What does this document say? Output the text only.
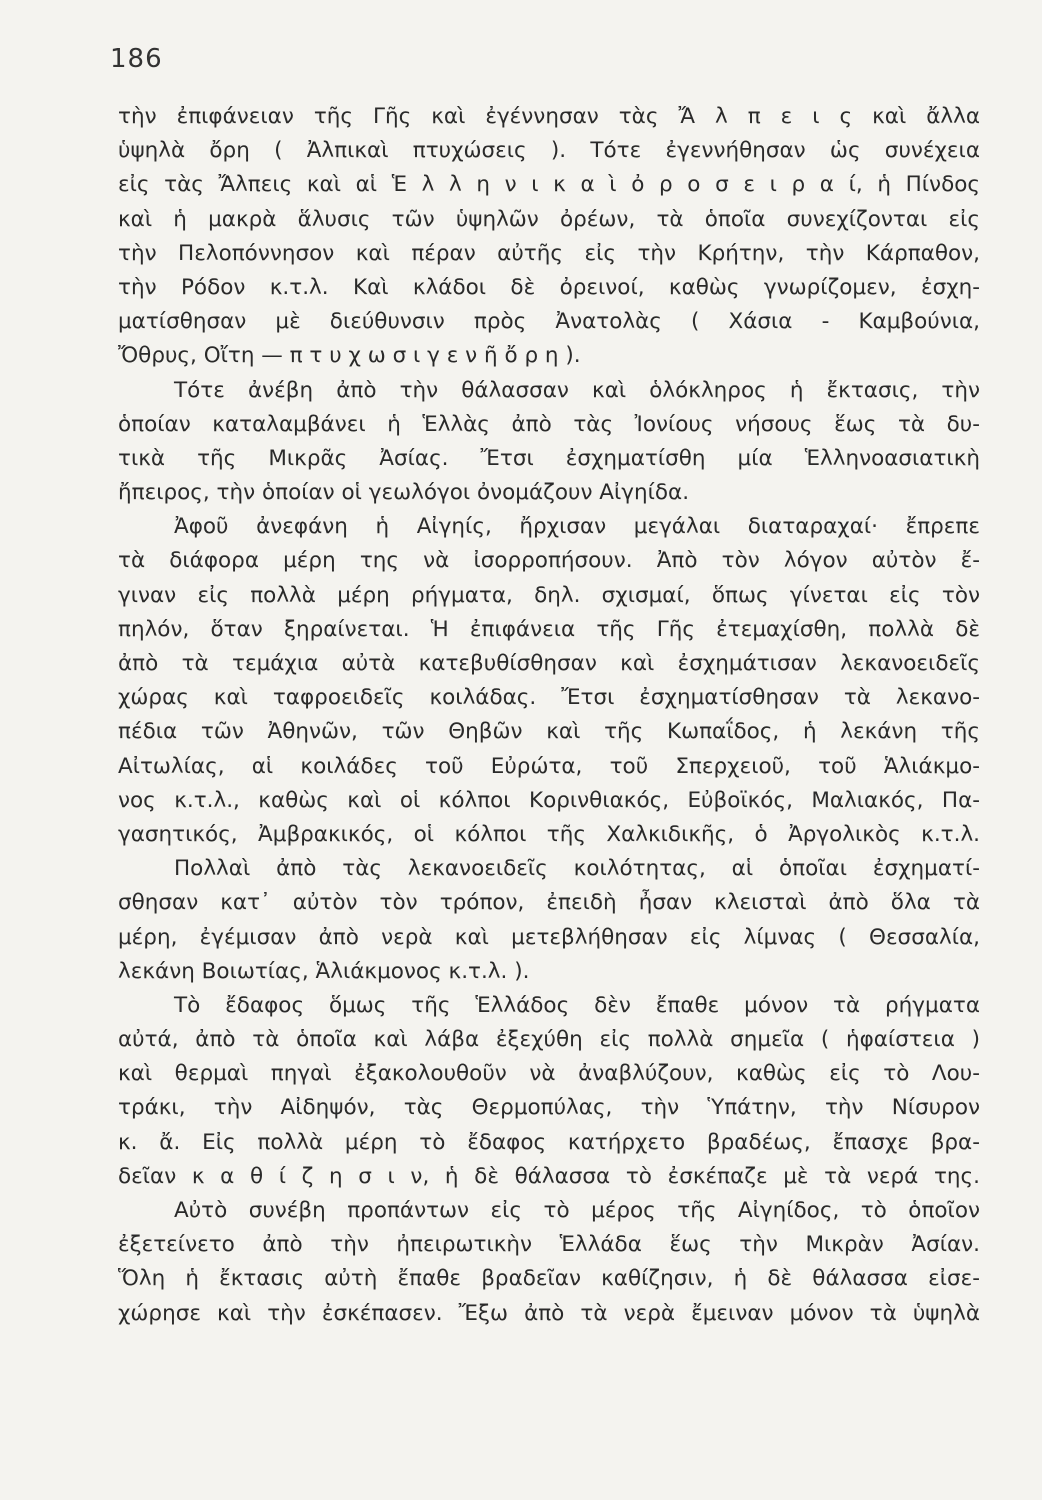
186
τὴν ἐπιφάνειαν τῆς Γῆς καὶ ἐγέννησαν τὰς Ἄ λ π ε ι ς καὶ ἄλλα
ὑψηλὰ ὄρη ( Ἀλπικαὶ πτυχώσεις ). Τότε ἐγεννήθησαν ὡς συνέχεια
εἰς τὰς Ἄλπεις καὶ αἱ Ἑ λ λ η ν ι κ α ὶ ὀ ρ ο σ ε ι ρ α ί, ἡ Πίνδος
καὶ ἡ μακρὰ ἅλυσις τῶν ὑψηλῶν ὀρέων, τὰ ὁποῖα συνεχίζονται εἰς
τὴν Πελοπόννησον καὶ πέραν αὐτῆς εἰς τὴν Κρήτην, τὴν Κάρπαθον,
τὴν Ρόδον κ.τ.λ. Καὶ κλάδοι δὲ ὀρεινοί, καθὼς γνωρίζομεν, ἐσχη-
ματίσθησαν μὲ διεύθυνσιν πρὸς Ἀνατολὰς ( Χάσια - Καμβούνια,
Ὄθρυς, Οἴτη — π τ υ χ ω σ ι γ ε ν ῆ ὄ ρ η ).
Τότε ἀνέβη ἀπὸ τὴν θάλασσαν καὶ ὁλόκληρος ἡ ἔκτασις, τὴν
ὁποίαν καταλαμβάνει ἡ Ἑλλὰς ἀπὸ τὰς Ἰονίους νήσους ἕως τὰ δυ-
τικὰ τῆς Μικρᾶς Ἀσίας. Ἔτσι ἐσχηματίσθη μία Ἑλληνοασιατικὴ
ἤπειρος, τὴν ὁποίαν οἱ γεωλόγοι ὀνομάζουν Αἰγηίδα.
Ἀφοῦ ἀνεφάνη ἡ Αἰγηίς, ἤρχισαν μεγάλαι διαταραχαί· ἔπρεπε
τὰ διάφορα μέρη της νὰ ἰσορροπήσουν. Ἀπὸ τὸν λόγον αὐτὸν ἔ-
γιναν εἰς πολλὰ μέρη ρήγματα, δηλ. σχισμαί, ὅπως γίνεται εἰς τὸν
πηλόν, ὅταν ξηραίνεται. Ἡ ἐπιφάνεια τῆς Γῆς ἐτεμαχίσθη, πολλὰ δὲ
ἀπὸ τὰ τεμάχια αὐτὰ κατεβυθίσθησαν καὶ ἐσχημάτισαν λεκανοειδεῖς
χώρας καὶ ταφροειδεῖς κοιλάδας. Ἔτσι ἐσχηματίσθησαν τὰ λεκανο-
πέδια τῶν Ἀθηνῶν, τῶν Θηβῶν καὶ τῆς Κωπαΐδος, ἡ λεκάνη τῆς
Αἰτωλίας, αἱ κοιλάδες τοῦ Εὐρώτα, τοῦ Σπερχειοῦ, τοῦ Ἁλιάκμο-
νος κ.τ.λ., καθὼς καὶ οἱ κόλποι Κορινθιακός, Εὐβοϊκός, Μαλιακός, Πα-
γασητικός, Ἀμβρακικός, οἱ κόλποι τῆς Χαλκιδικῆς, ὁ Ἀργολικὸς κ.τ.λ.
Πολλαὶ ἀπὸ τὰς λεκανοειδεῖς κοιλότητας, αἱ ὁποῖαι ἐσχηματί-
σθησαν κατ᾽ αὐτὸν τὸν τρόπον, ἐπειδὴ ἦσαν κλεισταὶ ἀπὸ ὅλα τὰ
μέρη, ἐγέμισαν ἀπὸ νερὰ καὶ μετεβλήθησαν εἰς λίμνας ( Θεσσαλία,
λεκάνη Βοιωτίας, Ἁλιάκμονος κ.τ.λ. ).
Τὸ ἔδαφος ὅμως τῆς Ἑλλάδος δὲν ἔπαθε μόνον τὰ ρήγματα
αὐτά, ἀπὸ τὰ ὁποῖα καὶ λάβα ἐξεχύθη εἰς πολλὰ σημεῖα ( ἡφαίστεια )
καὶ θερμαὶ πηγαὶ ἐξακολουθοῦν νὰ ἀναβλύζουν, καθὼς εἰς τὸ Λου-
τράκι, τὴν Αἰδηψόν, τὰς Θερμοπύλας, τὴν Ὑπάτην, τὴν Νίσυρον
κ. ἄ. Εἰς πολλὰ μέρη τὸ ἔδαφος κατήρχετο βραδέως, ἔπασχε βρα-
δεῖαν κ α θ ί ζ η σ ι ν, ἡ δὲ θάλασσα τὸ ἐσκέπαζε μὲ τὰ νερά της.
Αὐτὸ συνέβη προπάντων εἰς τὸ μέρος τῆς Αἰγηίδος, τὸ ὁποῖον
ἐξετείνετο ἀπὸ τὴν ἠπειρωτικὴν Ἑλλάδα ἕως τὴν Μικρὰν Ἀσίαν.
Ὅλη ἡ ἔκτασις αὐτὴ ἔπαθε βραδεῖαν καθίζησιν, ἡ δὲ θάλασσα εἰσε-
χώρησε καὶ τὴν ἐσκέπασεν. Ἔξω ἀπὸ τὰ νερὰ ἔμειναν μόνον τὰ ὑψηλὰ
